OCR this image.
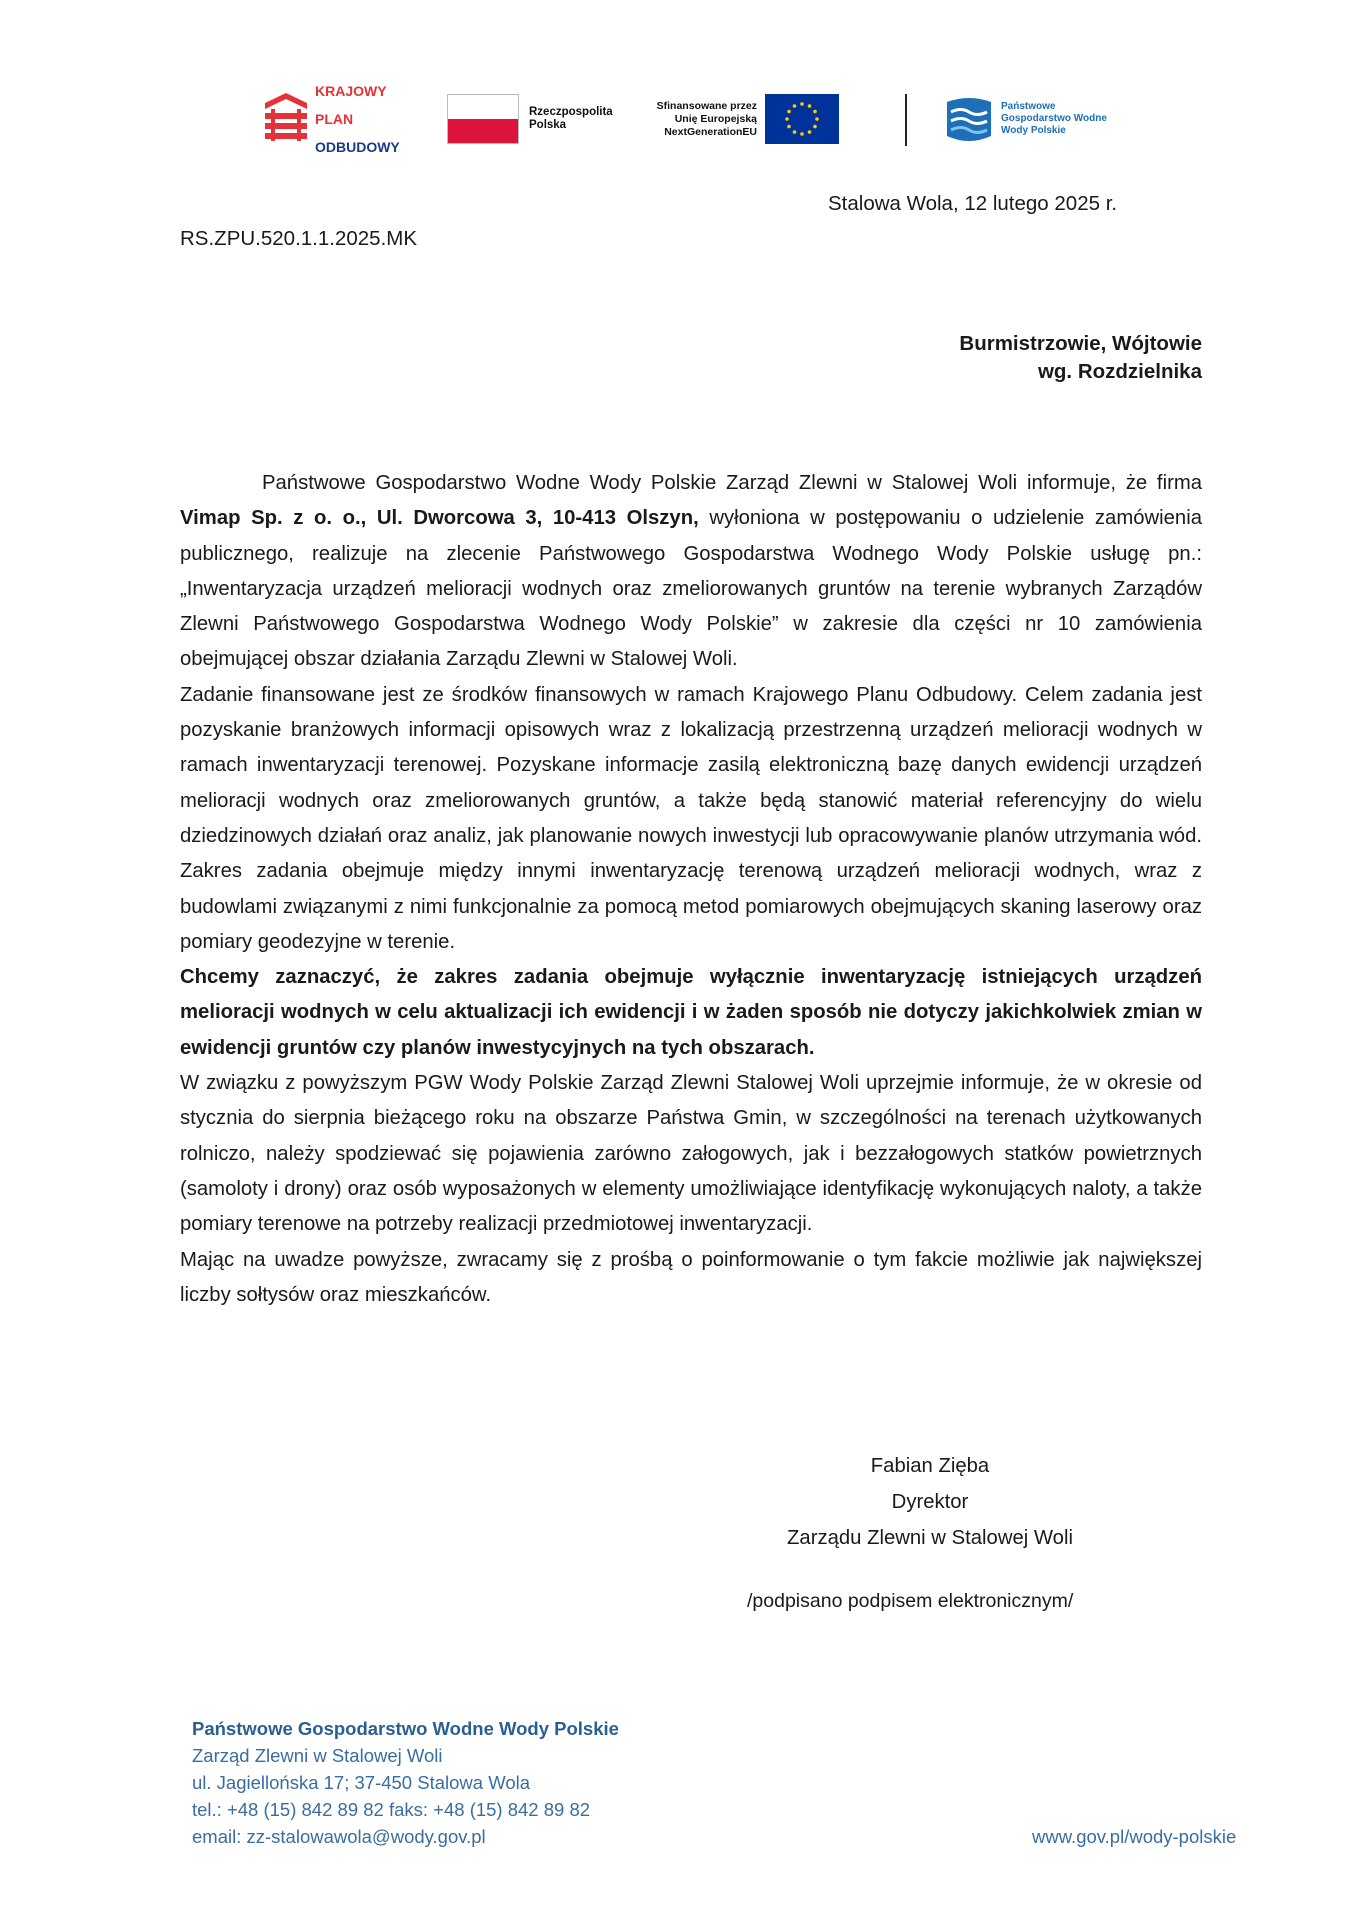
KRAJOWY

PLAN

ODBUDOWY

Rzeczpospolita
Polska
Sfinansowane przez
Unię Europejską
NextGenerationEU
Państwowe
Gospodarstwo Wodne
Wody Polskie
Stalowa Wola, 12 lutego 2025 r.
RS.ZPU.520.1.1.2025.MK
Burmistrzowie, Wójtowie
wg. Rozdzielnika

Państwowe Gospodarstwo Wodne Wody Polskie Zarząd Zlewni w Stalowej Woli informuje, że firma Vimap Sp. z o. o., Ul. Dworcowa 3, 10-413 Olszyn, wyłoniona w postępowaniu o udzielenie zamówienia publicznego, realizuje na zlecenie Państwowego Gospodarstwa Wodnego Wody Polskie usługę pn.: „Inwentaryzacja urządzeń melioracji wodnych oraz zmeliorowanych gruntów na terenie wybranych Zarządów Zlewni Państwowego Gospodarstwa Wodnego Wody Polskie” w zakresie dla części nr 10 zamówienia obejmującej obszar działania Zarządu Zlewni w Stalowej Woli.

Zadanie finansowane jest ze środków finansowych w ramach Krajowego Planu Odbudowy. Celem zadania jest pozyskanie branżowych informacji opisowych wraz z lokalizacją przestrzenną urządzeń melioracji wodnych w ramach inwentaryzacji terenowej. Pozyskane informacje zasilą elektroniczną bazę danych ewidencji urządzeń melioracji wodnych oraz zmeliorowanych gruntów, a także będą stanowić materiał referencyjny do wielu dziedzinowych działań oraz analiz, jak planowanie nowych inwestycji lub opracowywanie planów utrzymania wód. Zakres zadania obejmuje między innymi inwentaryzację terenową urządzeń melioracji wodnych, wraz z budowlami związanymi z nimi funkcjonalnie za pomocą metod pomiarowych obejmujących skaning laserowy oraz pomiary geodezyjne w terenie.

Chcemy zaznaczyć, że zakres zadania obejmuje wyłącznie inwentaryzację istniejących urządzeń melioracji wodnych w celu aktualizacji ich ewidencji i w żaden sposób nie dotyczy jakichkolwiek zmian w ewidencji gruntów czy planów inwestycyjnych na tych obszarach.

W związku z powyższym PGW Wody Polskie Zarząd Zlewni Stalowej Woli uprzejmie informuje, że w okresie od stycznia do sierpnia bieżącego roku na obszarze Państwa Gmin, w szczególności na terenach użytkowanych rolniczo, należy spodziewać się pojawienia zarówno załogowych, jak i bezzałogowych statków powietrznych (samoloty i drony) oraz osób wyposażonych w elementy umożliwiające identyfikację wykonujących naloty, a także pomiary terenowe na potrzeby realizacji przedmiotowej inwentaryzacji.

Mając na uwadze powyższe, zwracamy się z prośbą o poinformowanie o tym fakcie możliwie jak największej liczby sołtysów oraz mieszkańców.

Fabian Zięba
Dyrektor
Zarządu Zlewni w Stalowej Woli
/podpisano podpisem elektronicznym/
Państwowe Gospodarstwo Wodne Wody Polskie
Zarząd Zlewni w Stalowej Woli
ul. Jagiellońska 17; 37-450 Stalowa Wola
tel.: +48 (15) 842 89 82 faks: +48 (15) 842 89 82
email: zz-stalowawola@wody.gov.pl	www.gov.pl/wody-polskie
